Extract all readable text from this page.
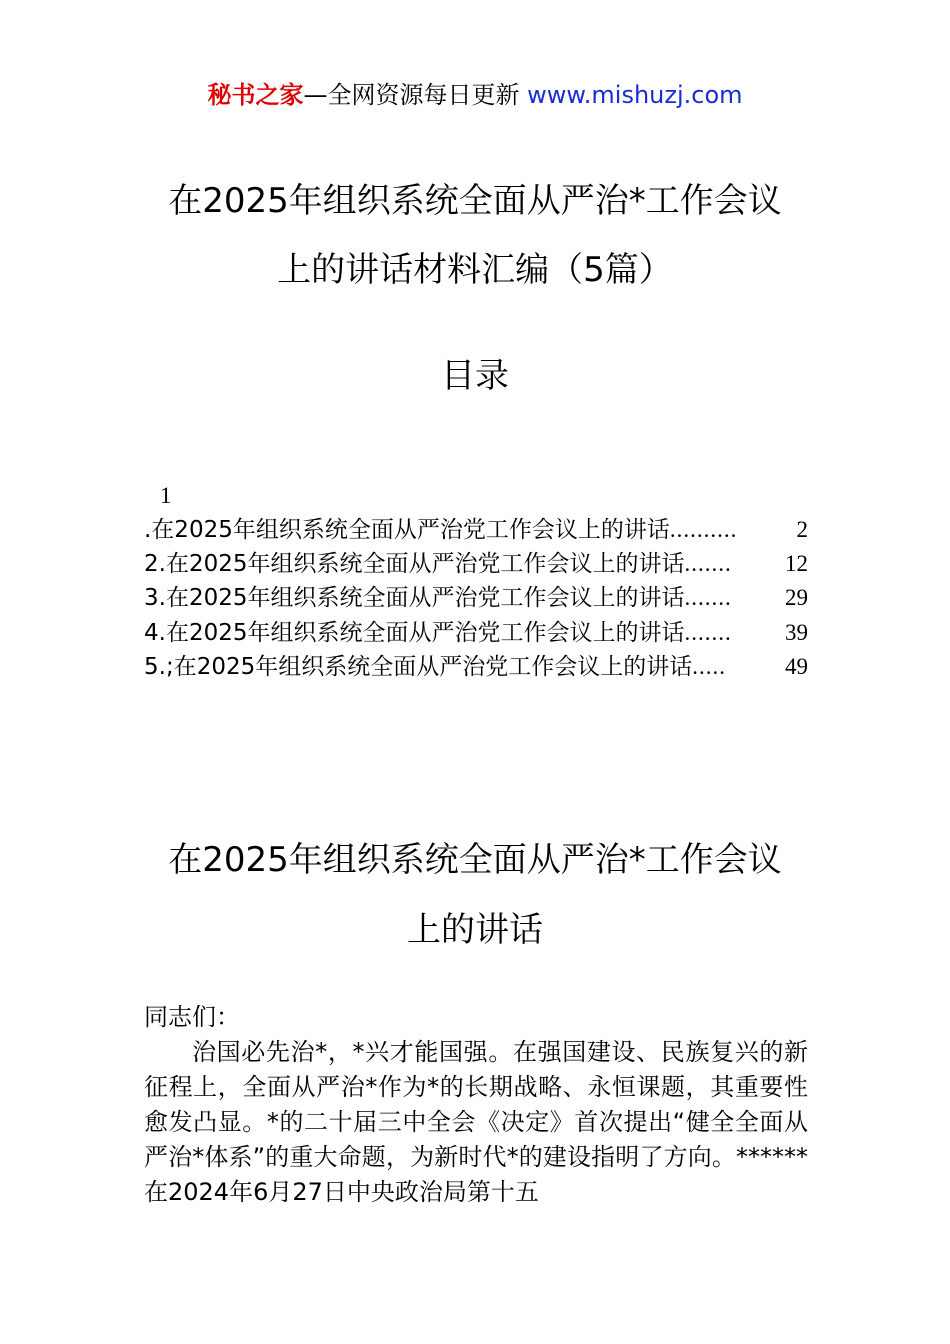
秘书之家—全网资源每日更新 www.mishuzj.com
在2025年组织系统全面从严治*工作会议
上的讲话材料汇编（5篇）
目录
1
.在2025年组织系统全面从严治党工作会议上的讲话 ..........	2
2.在2025年组织系统全面从严治党工作会议上的讲话 .......	12
3.在2025年组织系统全面从严治党工作会议上的讲话 .......	29
4.在2025年组织系统全面从严治党工作会议上的讲话 .......	39
5.;在2025年组织系统全面从严治党工作会议上的讲话 .....	49
在2025年组织系统全面从严治*工作会议
上的讲话
同志们：
治国必先治*，*兴才能国强。在强国建设、民族复兴的新征程上，全面从严治*作为*的长期战略、永恒课题，其重要性愈发凸显。*的二十届三中全会《决定》首次提出“健全全面从严治*体系”的重大命题，为新时代*的建设指明了方向。******在2024年6月27日中央政治局第十五
